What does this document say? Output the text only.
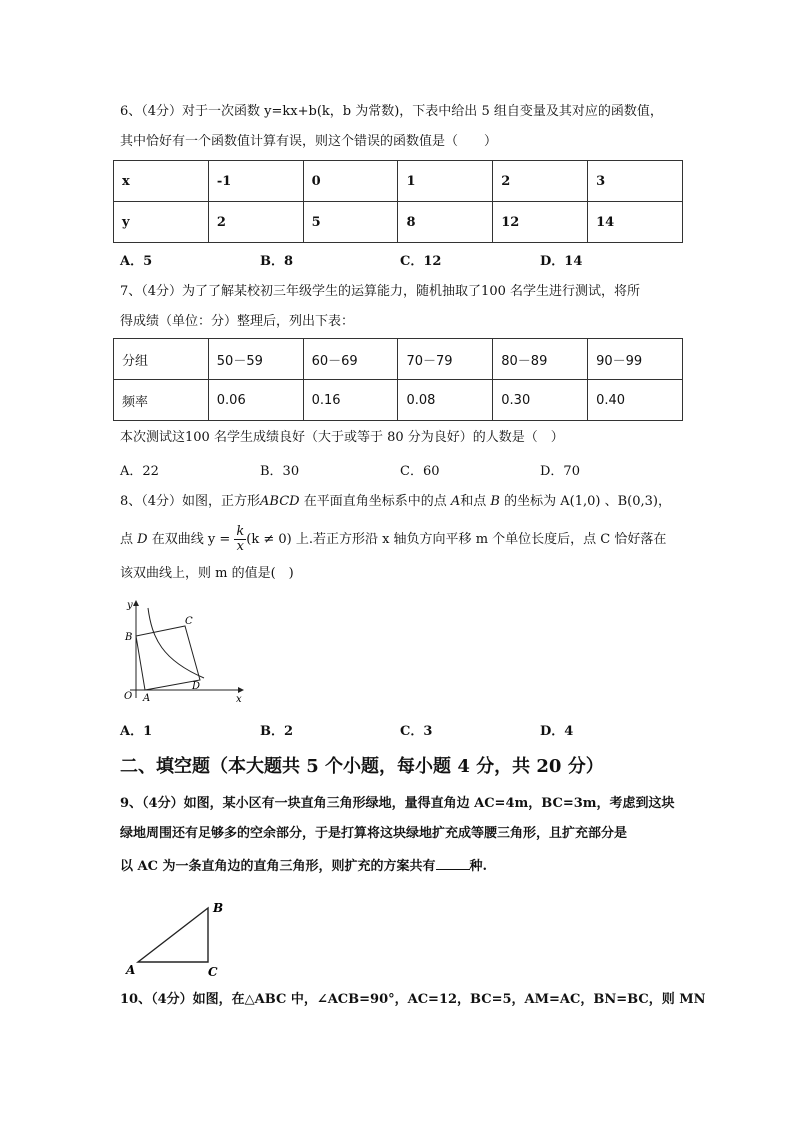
6、（4分）对于一次函数 y=kx+b(k，b 为常数)，下表中给出 5 组自变量及其对应的函数值，
其中恰好有一个函数值计算有误，则这个错误的函数值是（　　）
x	-1	0	1	2	3
y	2	5	8	12	14
A．5	B．8	C．12	D．14
7、（4分）为了了解某校初三年级学生的运算能力，随机抽取了100 名学生进行测试，将所
得成绩（单位：分）整理后，列出下表：
分组	50－59	60－69	70－79	80－89	90－99
频率	0.06	0.16	0.08	0.30	0.40
本次测试这100 名学生成绩良好（大于或等于 80 分为良好）的人数是（　）
A．22	B．30	C．60	D．70
8、（4分）如图，正方形ABCD 在平面直角坐标系中的点 A和点 B 的坐标为 A(1,0) 、B(0,3)，
点 D 在双曲线 $y = \frac{k}{x} (k \ne 0)$ 上.若正方形沿 x 轴负方向平移 m 个单位长度后，点 C 恰好落在
该双曲线上，则 m 的值是(　)
y
x
O A
B
C
D
A．1	B．2	C．3	D．4
二、填空题（本大题共 5 个小题，每小题 4 分，共 20 分）
9、（4分）如图，某小区有一块直角三角形绿地，量得直角边 AC=4m，BC=3m，考虑到这块
绿地周围还有足够多的空余部分，于是打算将这块绿地扩充成等腰三角形，且扩充部分是
以 AC 为一条直角边的直角三角形，则扩充的方案共有	种.
A
B
C
10、（4分）如图，在△ABC 中，∠ACB=90°，AC=12，BC=5，AM=AC，BN=BC，则 MN
